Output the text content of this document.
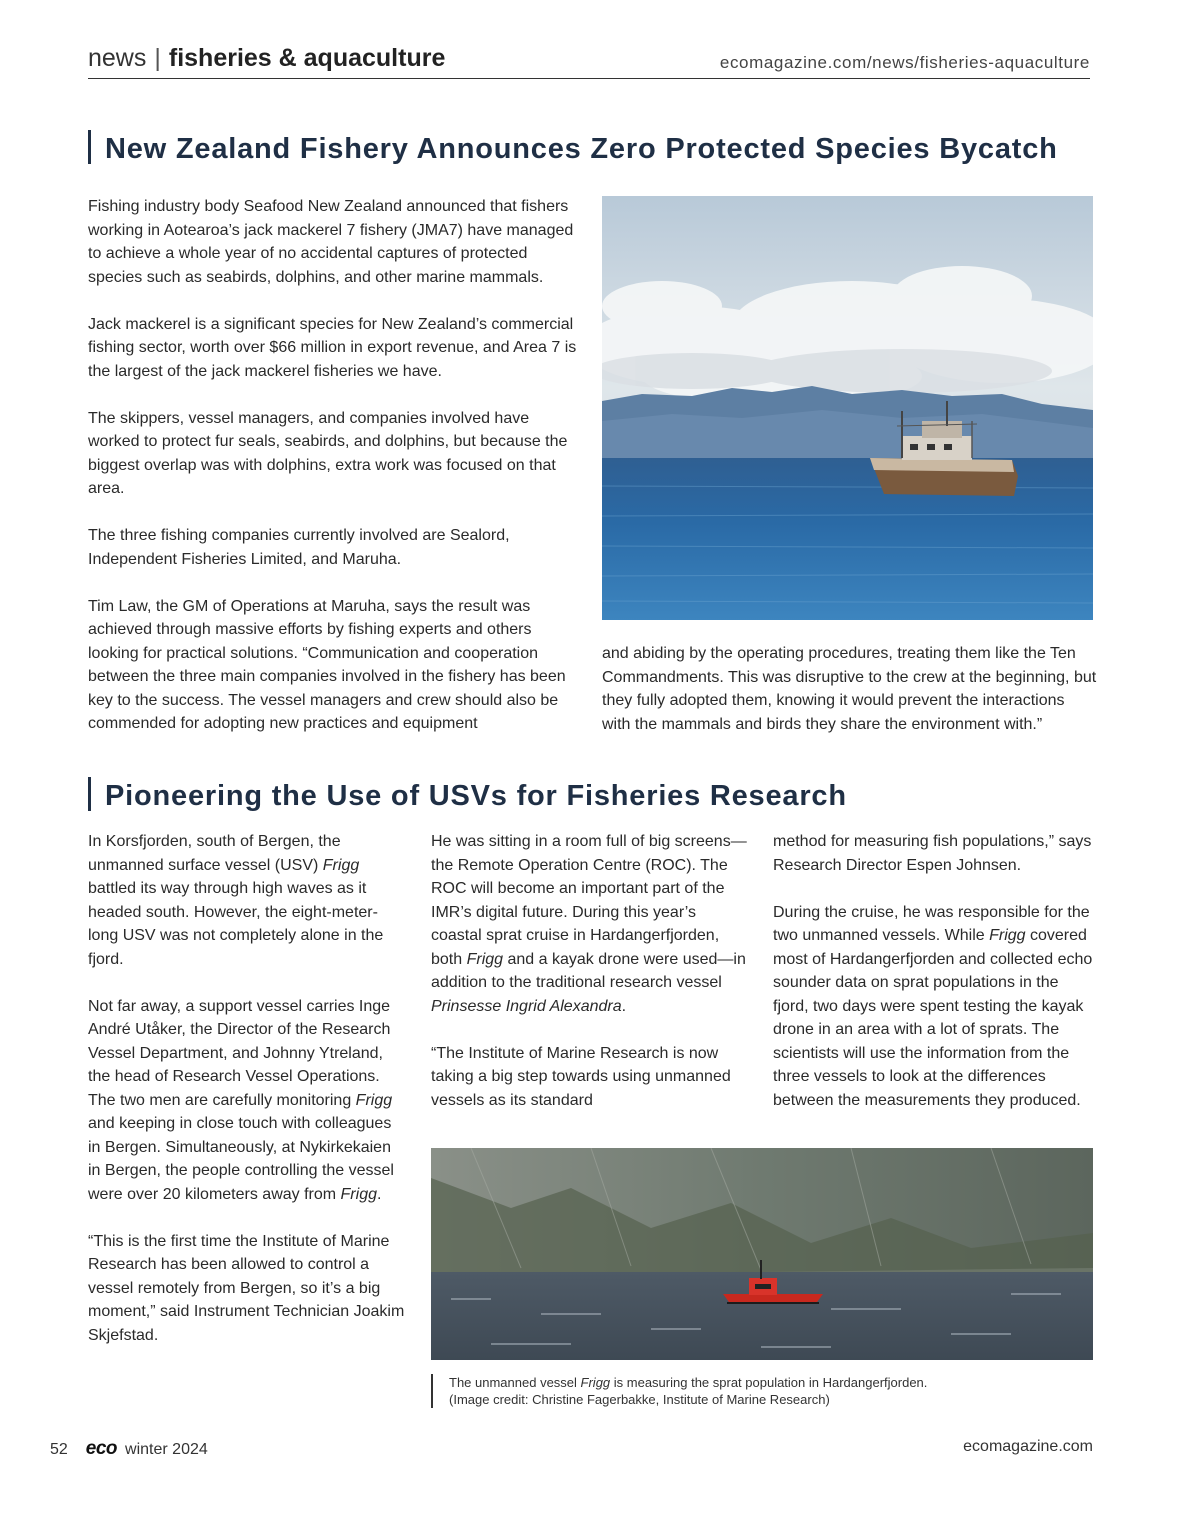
news | fisheries & aquaculture	ecomagazine.com/news/fisheries-aquaculture
New Zealand Fishery Announces Zero Protected Species Bycatch

Fishing industry body Seafood New Zealand announced that fishers working in Aotearoa’s jack mackerel 7 fishery (JMA7) have managed to achieve a whole year of no accidental captures of protected species such as seabirds, dolphins, and other marine mammals.

Jack mackerel is a significant species for New Zealand’s commercial fishing sector, worth over $66 million in export revenue, and Area 7 is the largest of the jack mackerel fisheries we have.

The skippers, vessel managers, and companies involved have worked to protect fur seals, seabirds, and dolphins, but because the biggest overlap was with dolphins, extra work was focused on that area.

The three fishing companies currently involved are Sealord, Independent Fisheries Limited, and Maruha.

Tim Law, the GM of Operations at Maruha, says the result was achieved through massive efforts by fishing experts and others looking for practical solutions. “Communication and cooperation between the three main companies involved in the fishery has been key to the success. The vessel managers and crew should also be commended for adopting new practices and equipment

and abiding by the operating procedures, treating them like the Ten Commandments. This was disruptive to the crew at the beginning, but they fully adopted them, knowing it would prevent the interactions with the mammals and birds they share the environment with.”
Pioneering the Use of USVs for Fisheries Research

In Korsfjorden, south of Bergen, the unmanned surface vessel (USV) Frigg battled its way through high waves as it headed south. However, the eight-meter-long USV was not completely alone in the fjord.

Not far away, a support vessel carries Inge André Utåker, the Director of the Research Vessel Department, and Johnny Ytreland, the head of Research Vessel Operations. The two men are carefully monitoring Frigg and keeping in close touch with colleagues in Bergen. Simultaneously, at Nykirkekaien in Bergen, the people controlling the vessel were over 20 kilometers away from Frigg.

“This is the first time the Institute of Marine Research has been allowed to control a vessel remotely from Bergen, so it’s a big moment,” said Instrument Technician Joakim Skjefstad.

He was sitting in a room full of big screens—the Remote Operation Centre (ROC). The ROC will become an important part of the IMR’s digital future. During this year’s coastal sprat cruise in Hardangerfjorden, both Frigg and a kayak drone were used—in addition to the traditional research vessel Prinsesse Ingrid Alexandra.

“The Institute of Marine Research is now taking a big step towards using unmanned vessels as its standard

method for measuring fish populations,” says Research Director Espen Johnsen.

During the cruise, he was responsible for the two unmanned vessels. While Frigg covered most of Hardangerfjorden and collected echo sounder data on sprat populations in the fjord, two days were spent testing the kayak drone in an area with a lot of sprats. The scientists will use the information from the three vessels to look at the differences between the measurements they produced.

The unmanned vessel Frigg is measuring the sprat population in Hardangerfjorden.
(Image credit: Christine Fagerbakke, Institute of Marine Research)
52 eco winter 2024	ecomagazine.com
